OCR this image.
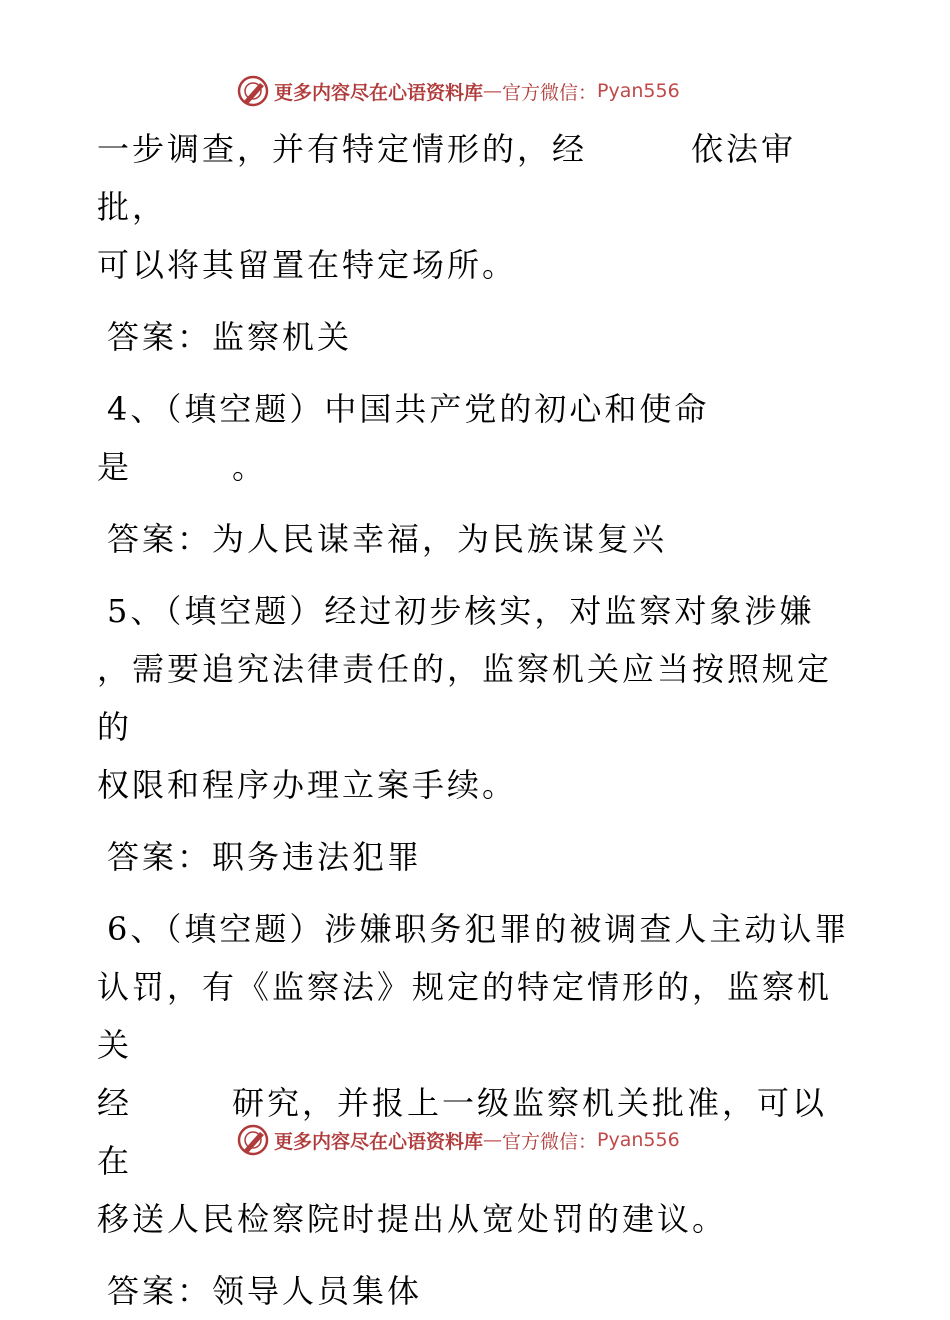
更多内容尽在心语资料库 — 官方微信： Pyan556

一步调查，并有特定情形的，经	依法审批，

可以将其留置在特定场所。

答案：监察机关

4、（填空题）中国共产党的初心和使命

是	。

答案：为人民谋幸福，为民族谋复兴

5、（填空题）经过初步核实，对监察对象涉嫌

，需要追究法律责任的，监察机关应当按照规定的

权限和程序办理立案手续。

答案：职务违法犯罪

6、（填空题）涉嫌职务犯罪的被调查人主动认罪

认罚，有《监察法》规定的特定情形的，监察机关

经	研究，并报上一级监察机关批准，可以在

移送人民检察院时提出从宽处罚的建议。

答案：领导人员集体

更多内容尽在心语资料库 — 官方微信： Pyan556
